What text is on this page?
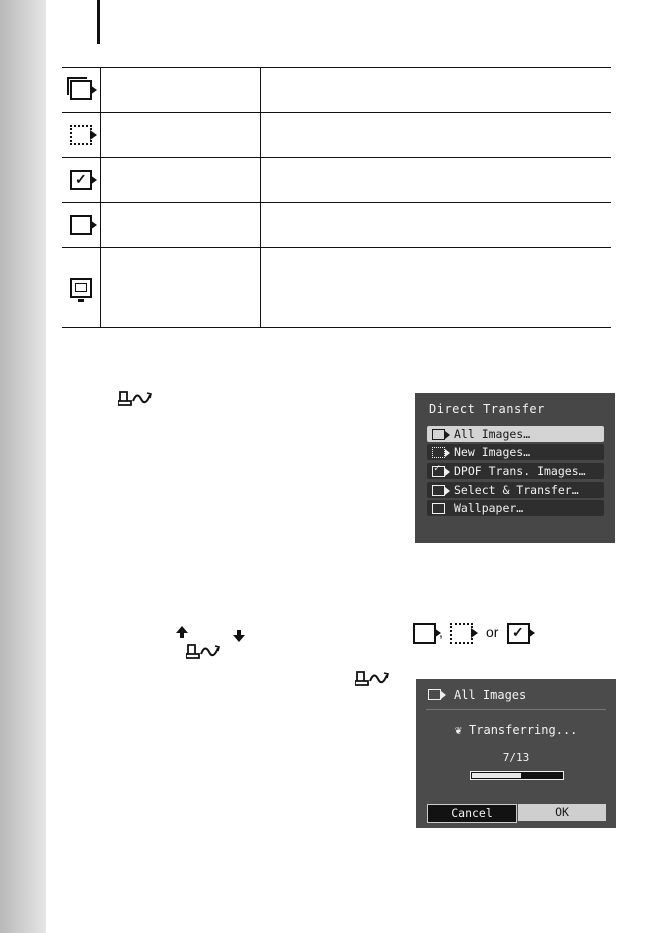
✓
,	or ✓
Direct Transfer
All Images…
New Images…
✓ DPOF Trans. Images…
Select & Transfer…
Wallpaper…
All Images
❦ Transferring...
7/13
Cancel	OK
